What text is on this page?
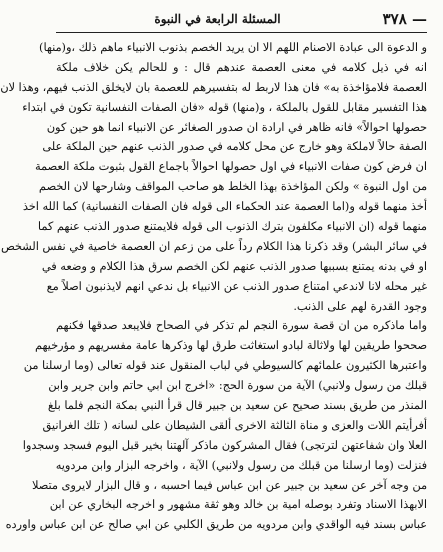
— ٣٧٨
المسئلة الرابعة في النبوة
و الدعوة الى عبادة الاصنام اللهم الا ان يريد الخصم بذنوب الانبياء ماهم ذلك ،و(منها)
انه في ذيل كلامه في معنى العصمة عندهم قال : و للحالم يكن خلاف ملكة
العصمة فلامؤاخذة به» فان هذا لاربط له بتفسيرهم للعصمة بان لايخلق الذنب فيهم، وهذا لان
هذا التفسير مقابل للقول بالملكة ، و(منها) قوله «فان الصفات النفسانية تكون في ابتداء
حصولها احوالاً» فانه ظاهر في ارادة ان صدور الصغائر عن الانبياء انما هو حين كون
الصفة حالاً لاملكة وهو خارج عن محل كلامه في صدور الذنب عنهم حين الملكة على
ان فرض كون صفات الانبياء في اول حصولها احوالاً باجماع القول بثبوت ملكة العصمة
من اول النبوة » ولكن المؤاخذة بهذا الخلط هو صاحب المواقف وشارحها لان الخصم
أخذ منهما قوله و(اما العصمة عند الحكماء الى قوله فان الصفات النفسانية) كما الله اخذ
منهما قوله (ان الانبياء مكلفون بترك الذنوب الى قوله فلايمتنع صدور الذنب عنهم كما
في سائر البشر) وقد ذكرنا هذا الكلام رداً على من زعم ان العصمة خاصية في نفس الشخص
او في بدنه يمتنع بسببها صدور الذنب عنهم لكن الخصم سرق هذا الكلام و وضعه في
غير محله لانا لاندعي امتناع صدور الذنب عن الانبياء بل ندعي انهم لايذنبون اصلاً مع
وجود القدرة لهم على الذنب.
واما ماذكره من ان قصة سورة النجم لم تذكر في الصحاح فلايبعد صدقها فكنهم
صححوا طريقين لها ولاثالة لبادو استغاثت طرق لها وذكرها عامة مفسريهم و مؤرخيهم
واعتبرها الكثيرون علمائهم كالسيوطي في لباب المنقول عند قوله تعالى (وما ارسلنا من
قبلك من رسول ولانبي) الآية من سورة الحج: «اخرج ابن ابي حاتم وابن جرير وابن
المنذر من طريق بسند صحيح عن سعيد بن جبير قال قرأ النبي بمكة النجم فلما بلغ
أفرأيتم اللات والعزى و مناة الثالثة الاخرى ألقى الشيطان على لسانه ( تلك الغرانيق
العلا وان شفاعتهن لترتجى) فقال المشركون ماذكر آلهتنا بخير قبل اليوم فسجد وسجدوا
فنزلت (وما ارسلنا من قبلك من رسول ولانبي) الآية ، واخرجه البزار وابن مردويه
من وجه آخر عن سعيد بن جبير عن ابن عباس فيما احسبه ، و قال البزار لايروى متصلا
الابهذا الاسناد وتفرد بوصله امية بن خالد وهو ثقة مشهور و اخرجه البخاري عن ابن
عباس بسند فيه الواقدي وابن مردويه من طريق الكلبي عن ابي صالح عن ابن عباس واورده
